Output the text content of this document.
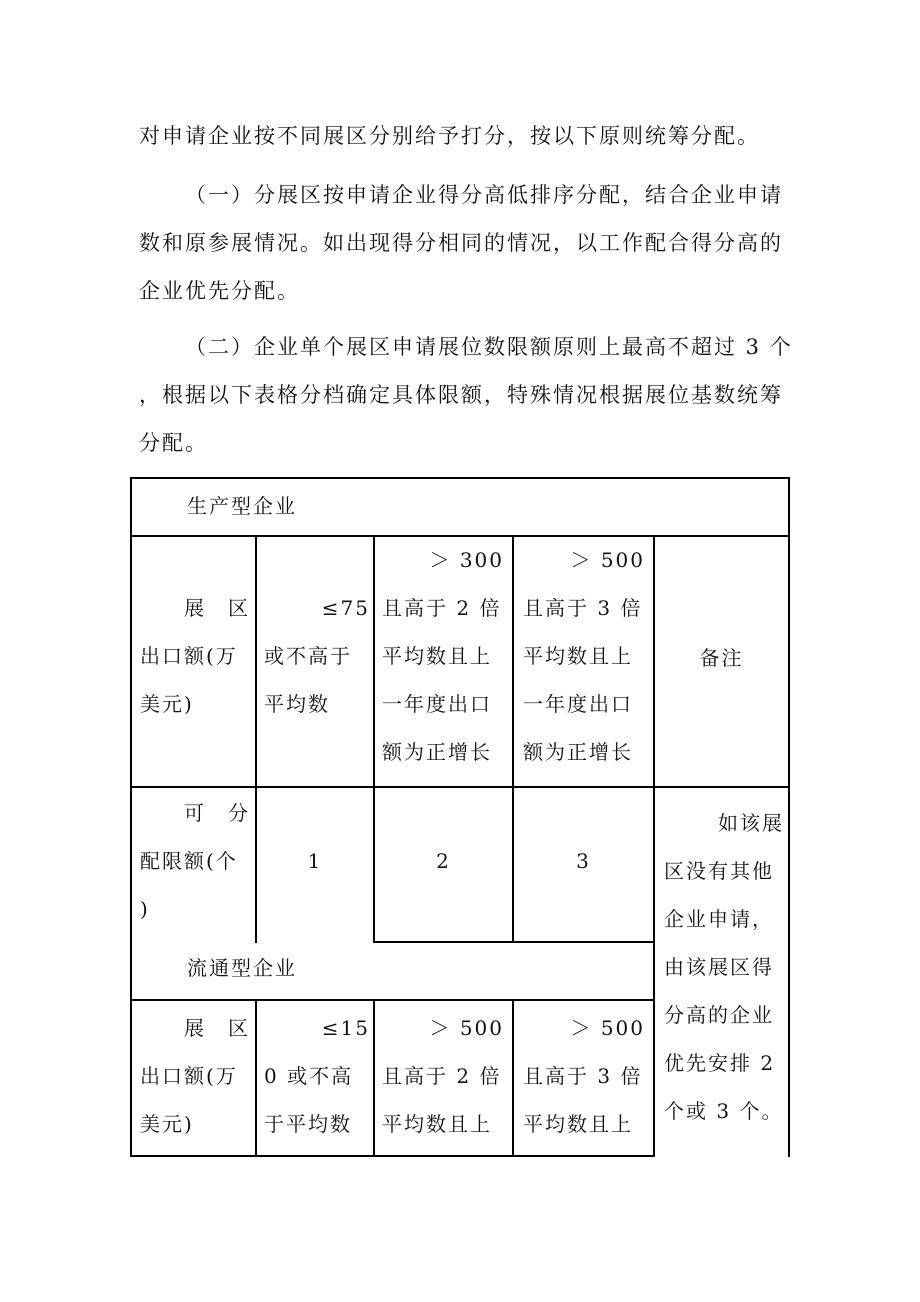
对申请企业按不同展区分别给予打分，按以下原则统筹分配。
（一）分展区按申请企业得分高低排序分配，结合企业申请
数和原参展情况。如出现得分相同的情况，以工作配合得分高的
企业优先分配。
（二）企业单个展区申请展位数限额原则上最高不超过 3 个
，根据以下表格分档确定具体限额，特殊情况根据展位基数统筹
分配。
生产型企业
展　区
出口额(万
美元)
≤75
或不高于
平均数
＞ 300
且高于 2 倍
平均数且上
一年度出口
额为正增长
＞ 500
且高于 3 倍
平均数且上
一年度出口
额为正增长
备注
可　分
配限额(个
)
1	2	3
如该展
区没有其他
企业申请，
由该展区得
分高的企业
优先安排 2
个或 3 个。
流通型企业
展　区
出口额(万
美元)
≤15
0 或不高
于平均数
＞ 500
且高于 2 倍
平均数且上
＞ 500
且高于 3 倍
平均数且上
